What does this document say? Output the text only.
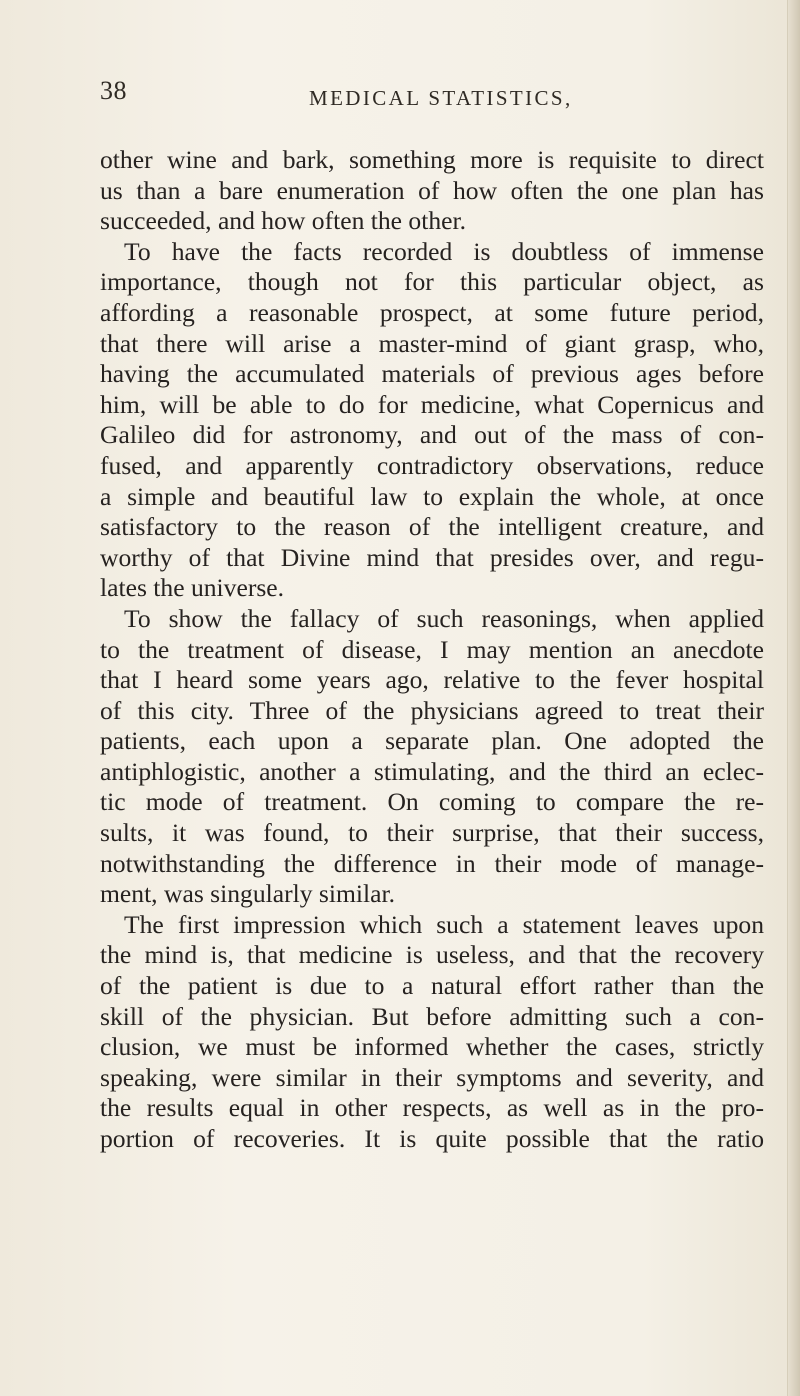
38	MEDICAL STATISTICS,
other wine and bark, something more is requisite to direct
us than a bare enumeration of how often the one plan has
succeeded, and how often the other.
To have the facts recorded is doubtless of immense
importance, though not for this particular object, as
affording a reasonable prospect, at some future period,
that there will arise a master-mind of giant grasp, who,
having the accumulated materials of previous ages before
him, will be able to do for medicine, what Copernicus and
Galileo did for astronomy, and out of the mass of con-
fused, and apparently contradictory observations, reduce
a simple and beautiful law to explain the whole, at once
satisfactory to the reason of the intelligent creature, and
worthy of that Divine mind that presides over, and regu-
lates the universe.
To show the fallacy of such reasonings, when applied
to the treatment of disease, I may mention an anecdote
that I heard some years ago, relative to the fever hospital
of this city. Three of the physicians agreed to treat their
patients, each upon a separate plan. One adopted the
antiphlogistic, another a stimulating, and the third an eclec-
tic mode of treatment. On coming to compare the re-
sults, it was found, to their surprise, that their success,
notwithstanding the difference in their mode of manage-
ment, was singularly similar.
The first impression which such a statement leaves upon
the mind is, that medicine is useless, and that the recovery
of the patient is due to a natural effort rather than the
skill of the physician. But before admitting such a con-
clusion, we must be informed whether the cases, strictly
speaking, were similar in their symptoms and severity, and
the results equal in other respects, as well as in the pro-
portion of recoveries. It is quite possible that the ratio
